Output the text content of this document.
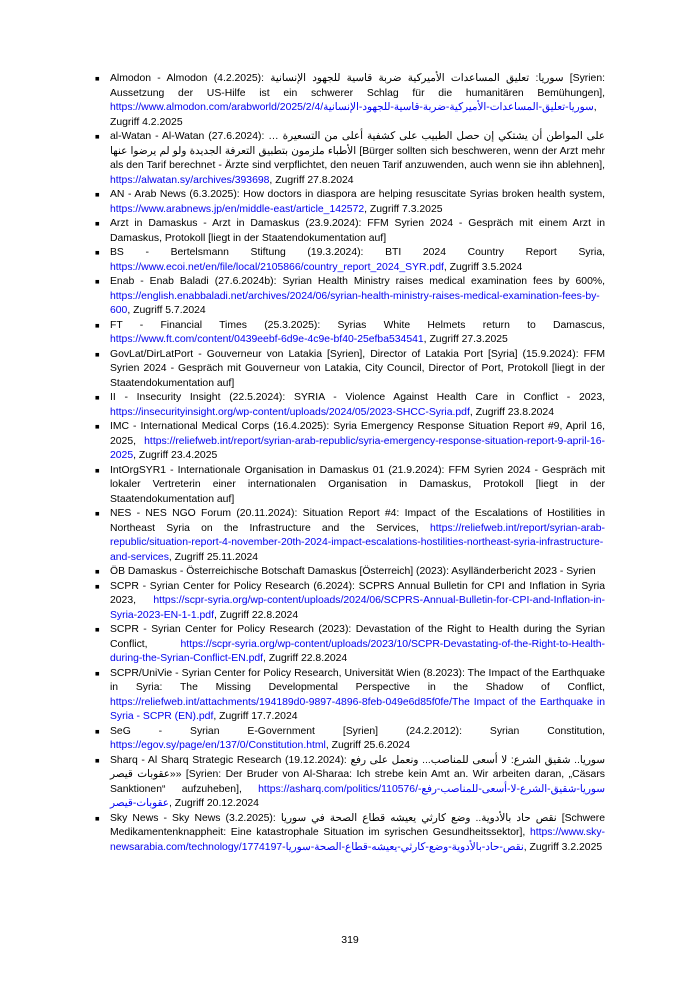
■ Almodon - Almodon (4.2.2025): سوريا: تعليق المساعدات الأميركية ضربة قاسية للجهود الإنسانية [Syrien: Aussetzung der US-Hilfe ist ein schwerer Schlag für die humanitären Bemühungen], https://www.almodon.com/arabworld/2025/2/4/سوريا-تعليق-المساعدات-الأميركية-ضربة-قاسية-للجهود-الإنسانية, Zugriff 4.2.2025
■ al-Watan - Al-Watan (27.6.2024): على المواطن أن يشتكي إن حصل الطبيب على كشفية أعلى من التسعيرة … الأطباء ملزمون بتطبيق التعرفة الجديدة ولو لم يرضوا عنها [Bürger sollten sich beschweren, wenn der Arzt mehr als den Tarif berechnet - Ärzte sind verpflichtet, den neuen Tarif anzuwenden, auch wenn sie ihn ablehnen], https://alwatan.sy/archives/393698, Zugriff 27.8.2024
■ AN - Arab News (6.3.2025): How doctors in diaspora are helping resuscitate Syrias broken health system, https://www.arabnews.jp/en/middle-east/article_142572, Zugriff 7.3.2025
■ Arzt in Damaskus - Arzt in Damaskus (23.9.2024): FFM Syrien 2024 - Gespräch mit einem Arzt in Damaskus, Protokoll [liegt in der Staatendokumentation auf]
■ BS - Bertelsmann Stiftung (19.3.2024): BTI 2024 Country Report Syria, https://www.ecoi.net/en/file/local/2105866/country_report_2024_SYR.pdf, Zugriff 3.5.2024
■ Enab - Enab Baladi (27.6.2024b): Syrian Health Ministry raises medical examination fees by 600%, https://english.enabbaladi.net/archives/2024/06/syrian-health-ministry-raises-medical-examination-fees-by-600, Zugriff 5.7.2024
■ FT - Financial Times (25.3.2025): Syrias White Helmets return to Damascus, https://www.ft.com/content/0439eebf-6d9e-4c9e-bf40-25efba534541, Zugriff 27.3.2025
■ GovLat/DirLatPort - Gouverneur von Latakia [Syrien], Director of Latakia Port [Syria] (15.9.2024): FFM Syrien 2024 - Gespräch mit Gouverneur von Latakia, City Council, Director of Port, Protokoll [liegt in der Staatendokumentation auf]
■ II - Insecurity Insight (22.5.2024): SYRIA - Violence Against Health Care in Conflict - 2023, https://insecurityinsight.org/wp-content/uploads/2024/05/2023-SHCC-Syria.pdf, Zugriff 23.8.2024
■ IMC - International Medical Corps (16.4.2025): Syria Emergency Response Situation Report #9, April 16, 2025, https://reliefweb.int/report/syrian-arab-republic/syria-emergency-response-situation-report-9-april-16-2025, Zugriff 23.4.2025
■ IntOrgSYR1 - Internationale Organisation in Damaskus 01 (21.9.2024): FFM Syrien 2024 - Gespräch mit lokaler Vertreterin einer internationalen Organisation in Damaskus, Protokoll [liegt in der Staatendokumentation auf]
■ NES - NES NGO Forum (20.11.2024): Situation Report #4: Impact of the Escalations of Hostilities in Northeast Syria on the Infrastructure and the Services, https://reliefweb.int/report/syrian-arab-republic/situation-report-4-november-20th-2024-impact-escalations-hostilities-northeast-syria-infrastructure-and-services, Zugriff 25.11.2024
■ ÖB Damaskus - Österreichische Botschaft Damaskus [Österreich] (2023): Asylländerbericht 2023 - Syrien
■ SCPR - Syrian Center for Policy Research (6.2024): SCPRS Annual Bulletin for CPI and Inflation in Syria 2023, https://scpr-syria.org/wp-content/uploads/2024/06/SCPRS-Annual-Bulletin-for-CPI-and-Inflation-in-Syria-2023-EN-1-1.pdf, Zugriff 22.8.2024
■ SCPR - Syrian Center for Policy Research (2023): Devastation of the Right to Health during the Syrian Conflict, https://scpr-syria.org/wp-content/uploads/2023/10/SCPR-Devastating-of-the-Right-to-Health-during-the-Syrian-Conflict-EN.pdf, Zugriff 22.8.2024
■ SCPR/UniVie - Syrian Center for Policy Research, Universität Wien (8.2023): The Impact of the Earthquake in Syria: The Missing Developmental Perspective in the Shadow of Conflict, https://reliefweb.int/attachments/194189d0-9897-4896-8feb-049e6d85f0fe/The Impact of the Earthquake in Syria - SCPR (EN).pdf, Zugriff 17.7.2024
■ SeG - Syrian E-Government [Syrien] (24.2.2012): Syrian Constitution, https://egov.sy/page/en/137/0/Constitution.html, Zugriff 25.6.2024
■ Sharq - Al Sharq Strategic Research (19.12.2024): سوريا.. شقيق الشرع: لا أسعى للمناصب... ونعمل على رفع «عقوبات قيصر» [Syrien: Der Bruder von Al-Sharaa: Ich strebe kein Amt an. Wir arbeiten daran, „Cäsars Sanktionen“ aufzuheben], https://asharq.com/politics/110576/سوريا-شقيق-الشرع-لا-أسعى-للمناصب-رفع-عقوبات-قيصر, Zugriff 20.12.2024
■ Sky News - Sky News (3.2.2025): نقص حاد بالأدوية.. وضع كارثي يعيشه قطاع الصحة في سوريا [Schwere Medikamentenknappheit: Eine katastrophale Situation im syrischen Gesundheitssektor], https://www.sky-newsarabia.com/technology/1774197-نقص-حاد-بالأدوية-وضع-كارثي-يعيشه-قطاع-الصحة-سوريا, Zugriff 3.2.2025
319
